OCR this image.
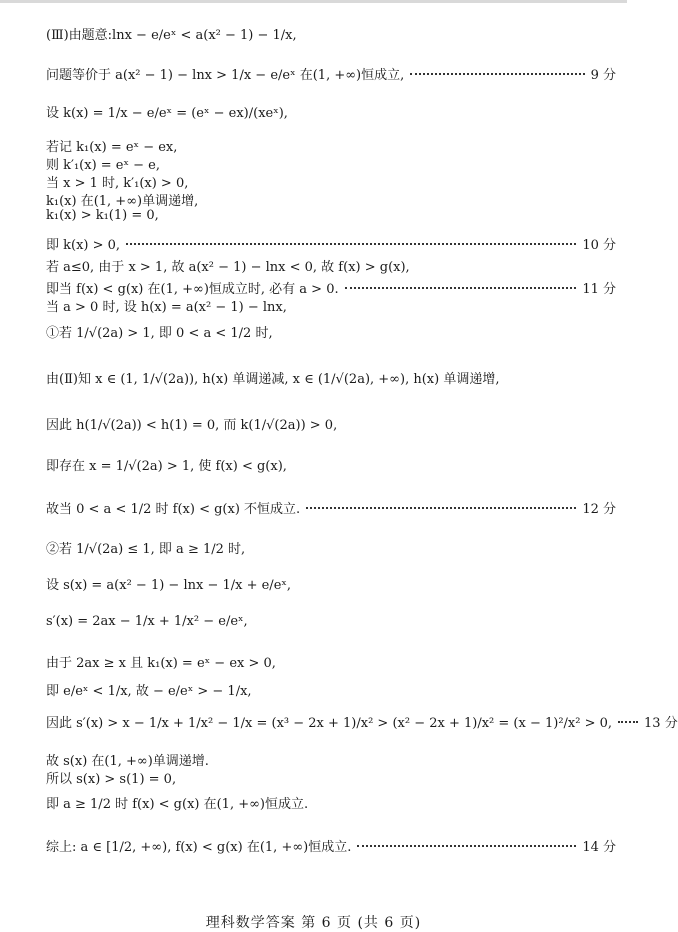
(Ⅲ)由题意:lnx − e/eˣ < a(x² − 1) − 1/x,
问题等价于 a(x² − 1) − lnx > 1/x − e/eˣ 在(1, +∞)恒成立,	9 分
设 k(x) = 1/x − e/eˣ = (eˣ − ex)/(xeˣ),
若记 k₁(x) = eˣ − ex,
则 k′₁(x) = eˣ − e,
当 x > 1 时, k′₁(x) > 0,
k₁(x) 在(1, +∞)单调递增,
k₁(x) > k₁(1) = 0,
即 k(x) > 0,	10 分
若 a≤0, 由于 x > 1, 故 a(x² − 1) − lnx < 0, 故 f(x) > g(x),
即当 f(x) < g(x) 在(1, +∞)恒成立时, 必有 a > 0.	11 分
当 a > 0 时, 设 h(x) = a(x² − 1) − lnx,
①若 1/√(2a) > 1, 即 0 < a < 1/2 时,
由(Ⅱ)知 x ∈ (1, 1/√(2a)), h(x) 单调递减, x ∈ (1/√(2a), +∞), h(x) 单调递增,
因此 h(1/√(2a)) < h(1) = 0, 而 k(1/√(2a)) > 0,
即存在 x = 1/√(2a) > 1, 使 f(x) < g(x),
故当 0 < a < 1/2 时 f(x) < g(x) 不恒成立.	12 分
②若 1/√(2a) ≤ 1, 即 a ≥ 1/2 时,
设 s(x) = a(x² − 1) − lnx − 1/x + e/eˣ,
s′(x) = 2ax − 1/x + 1/x² − e/eˣ,
由于 2ax ≥ x 且 k₁(x) = eˣ − ex > 0,
即 e/eˣ < 1/x, 故 − e/eˣ > − 1/x,
因此 s′(x) > x − 1/x + 1/x² − 1/x = (x³ − 2x + 1)/x² > (x² − 2x + 1)/x² = (x − 1)²/x² > 0, 13 分
故 s(x) 在(1, +∞)单调递增.
所以 s(x) > s(1) = 0,
即 a ≥ 1/2 时 f(x) < g(x) 在(1, +∞)恒成立.
综上: a ∈ [1/2, +∞), f(x) < g(x) 在(1, +∞)恒成立.	14 分
理科数学答案 第 6 页 (共 6 页)
